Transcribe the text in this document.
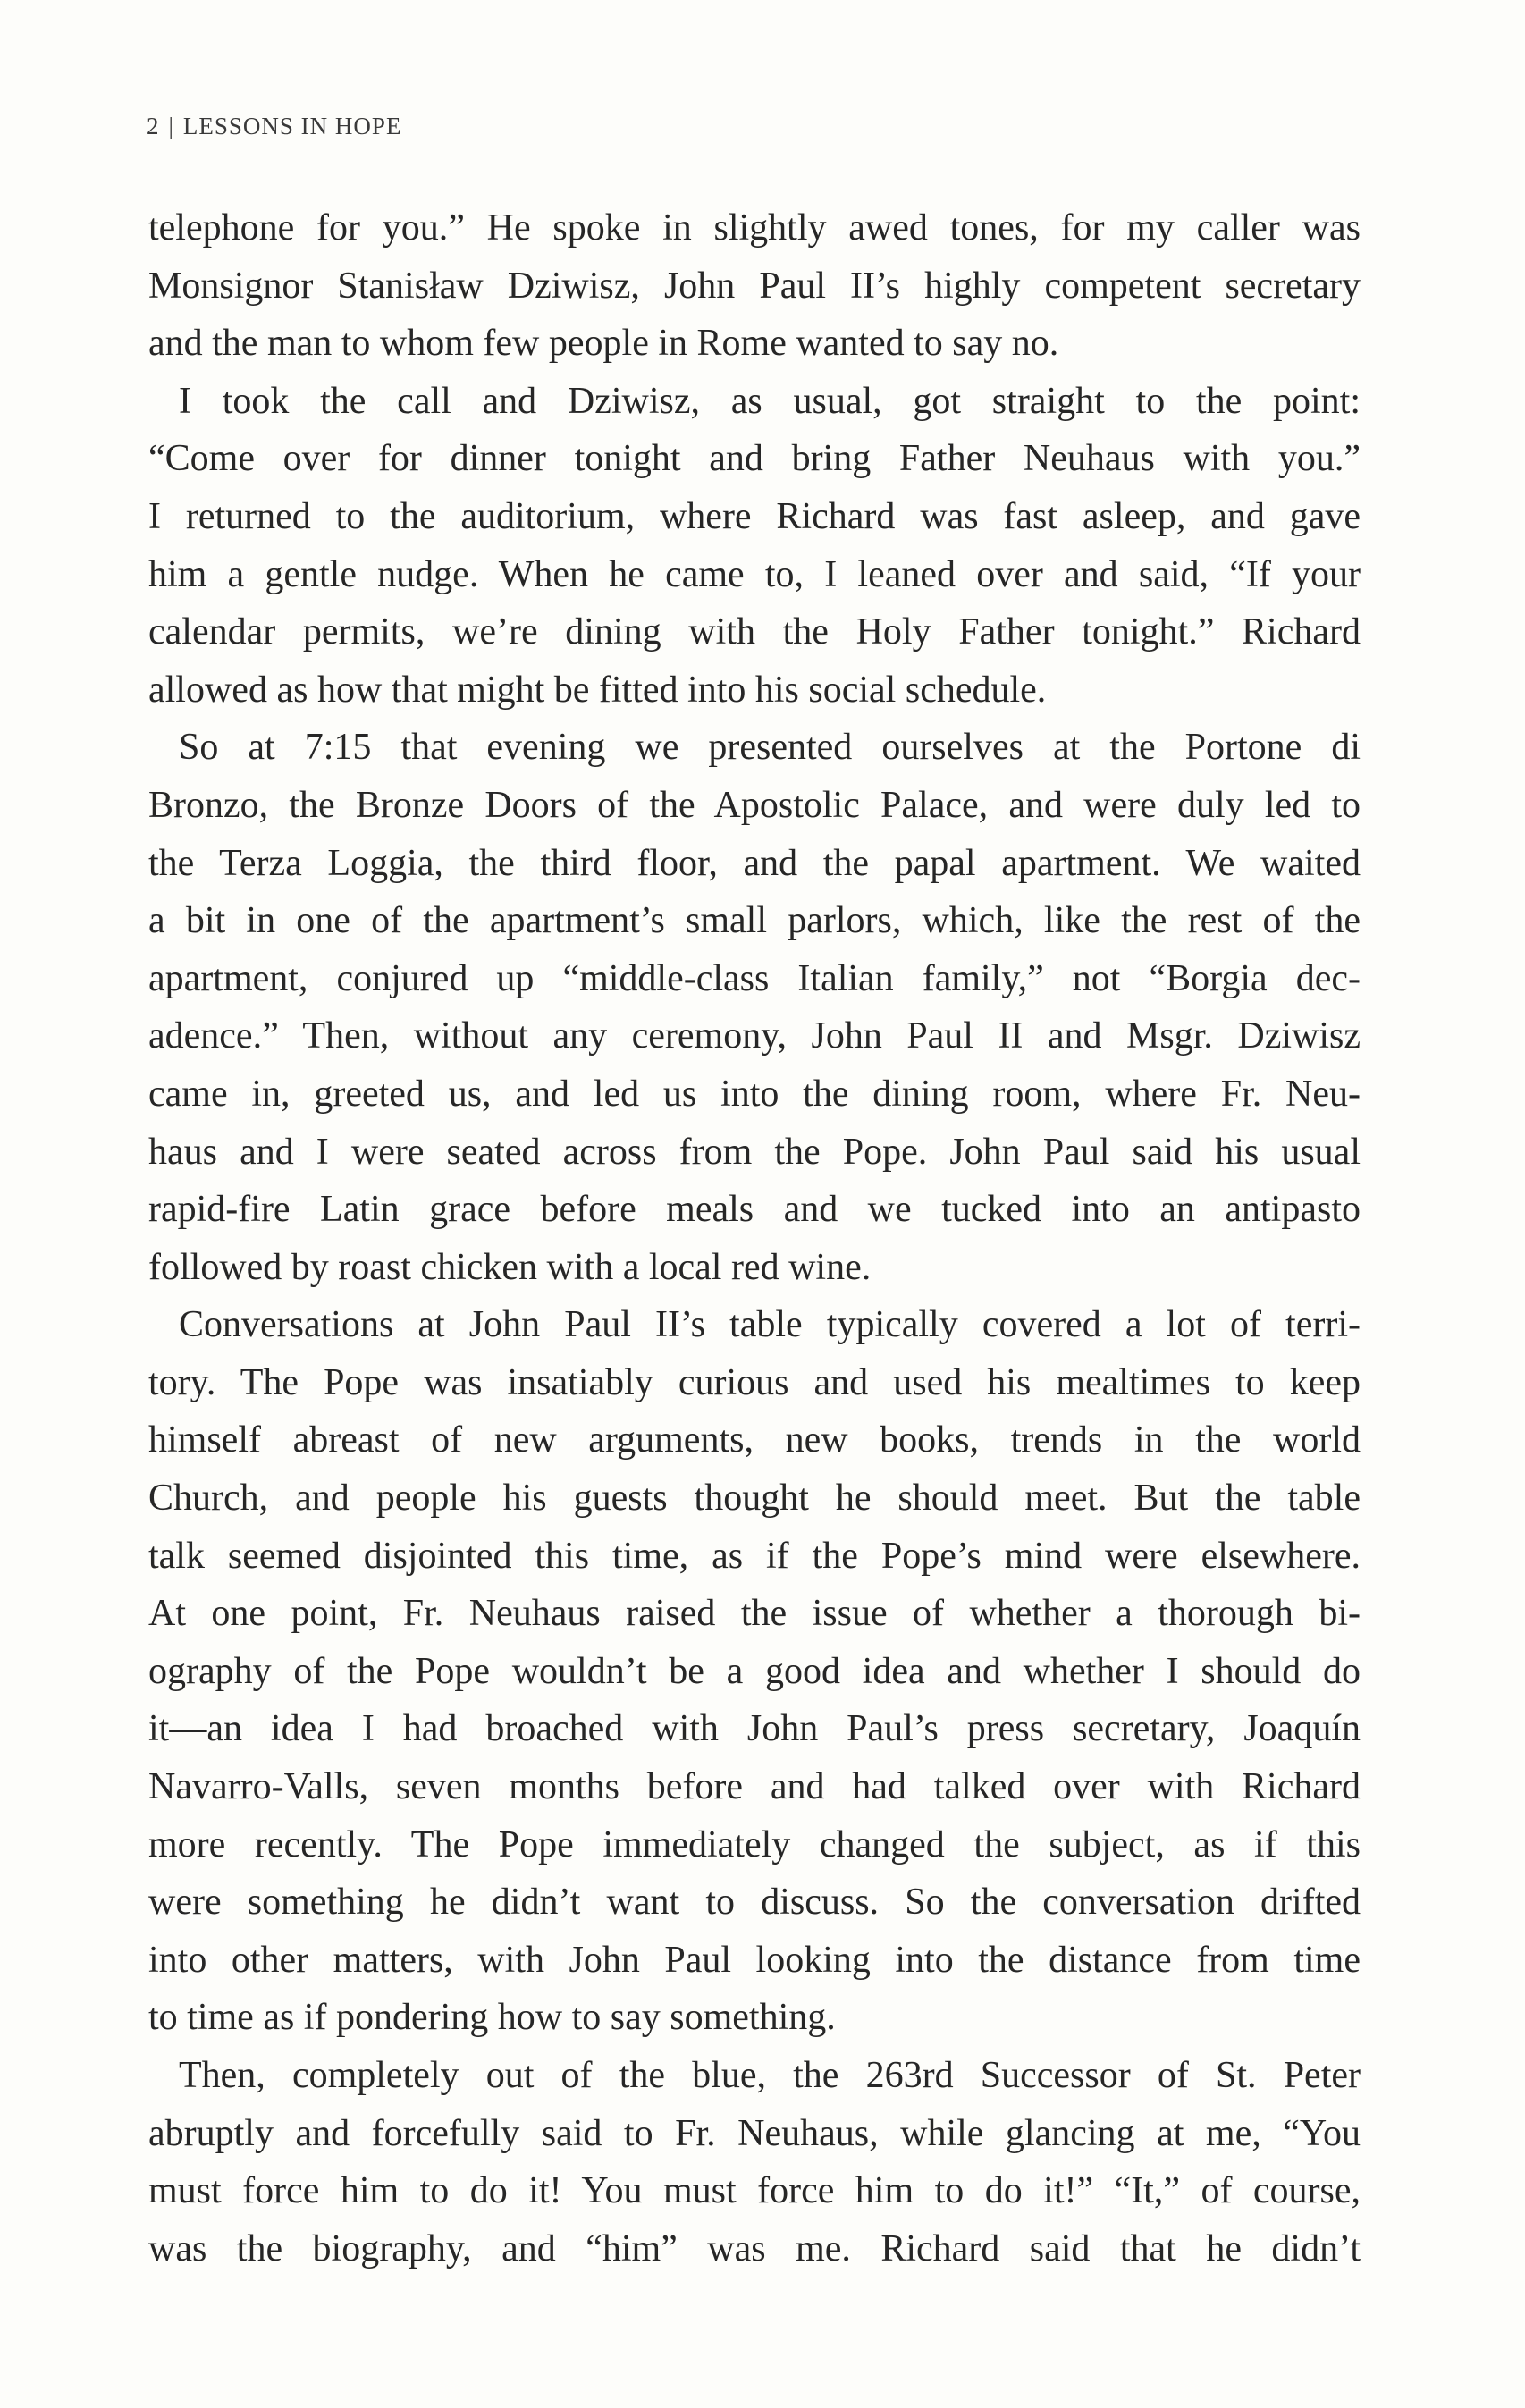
2 | LESSONS IN HOPE
telephone for you.” He spoke in slightly awed tones, for my caller was
Monsignor Stanisław Dziwisz, John Paul II’s highly competent secretary
and the man to whom few people in Rome wanted to say no.
I took the call and Dziwisz, as usual, got straight to the point:
“Come over for dinner tonight and bring Father Neuhaus with you.”
I returned to the auditorium, where Richard was fast asleep, and gave
him a gentle nudge. When he came to, I leaned over and said, “If your
calendar permits, we’re dining with the Holy Father tonight.” Richard
allowed as how that might be fitted into his social schedule.
So at 7:15 that evening we presented ourselves at the Portone di
Bronzo, the Bronze Doors of the Apostolic Palace, and were duly led to
the Terza Loggia, the third floor, and the papal apartment. We waited
a bit in one of the apartment’s small parlors, which, like the rest of the
apartment, conjured up “middle-class Italian family,” not “Borgia dec-
adence.” Then, without any ceremony, John Paul II and Msgr. Dziwisz
came in, greeted us, and led us into the dining room, where Fr. Neu-
haus and I were seated across from the Pope. John Paul said his usual
rapid-fire Latin grace before meals and we tucked into an antipasto
followed by roast chicken with a local red wine.
Conversations at John Paul II’s table typically covered a lot of terri-
tory. The Pope was insatiably curious and used his mealtimes to keep
himself abreast of new arguments, new books, trends in the world
Church, and people his guests thought he should meet. But the table
talk seemed disjointed this time, as if the Pope’s mind were elsewhere.
At one point, Fr. Neuhaus raised the issue of whether a thorough bi-
ography of the Pope wouldn’t be a good idea and whether I should do
it—an idea I had broached with John Paul’s press secretary, Joaquín
Navarro-Valls, seven months before and had talked over with Richard
more recently. The Pope immediately changed the subject, as if this
were something he didn’t want to discuss. So the conversation drifted
into other matters, with John Paul looking into the distance from time
to time as if pondering how to say something.
Then, completely out of the blue, the 263rd Successor of St. Peter
abruptly and forcefully said to Fr. Neuhaus, while glancing at me, “You
must force him to do it! You must force him to do it!” “It,” of course,
was the biography, and “him” was me. Richard said that he didn’t
